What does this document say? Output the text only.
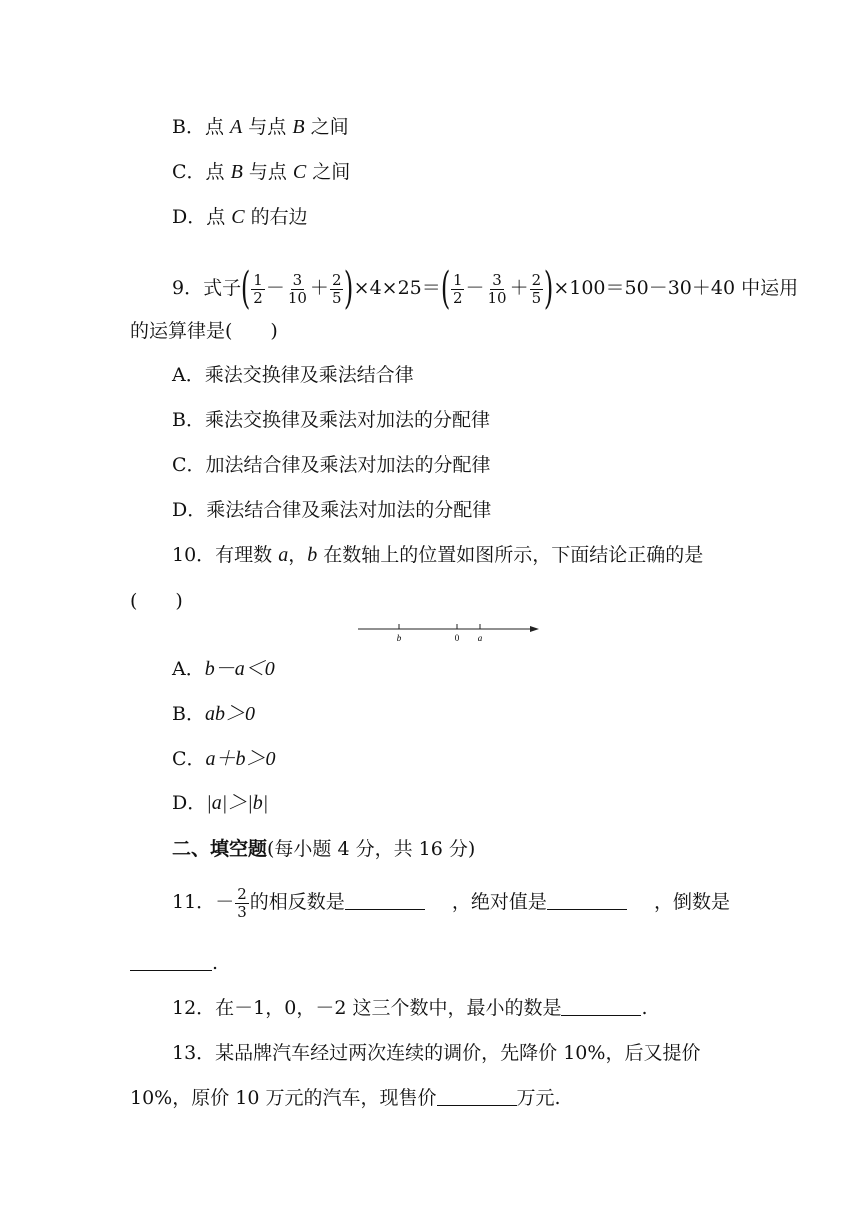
B．点 A 与点 B 之间
C．点 B 与点 C 之间
D．点 C 的右边
9．式子( $\frac{1}{2} - \frac{3}{10} + \frac{2}{5} )\times 4\times 25=( \frac{1}{2} - \frac{3}{10} + \frac{2}{5} )\times 100=50-30+40$ 中运用
的运算律是(　　)
A．乘法交换律及乘法结合律
B．乘法交换律及乘法对加法的分配律
C．加法结合律及乘法对加法的分配律
D．乘法结合律及乘法对加法的分配律
10．有理数 a，b 在数轴上的位置如图所示，下面结论正确的是
(　　)
b	0 a
A．b－a＜0
B．ab＞0
C．a＋b＞0
D．|a|＞|b|
二、填空题(每小题 4 分，共 16 分)
11．－ $\frac{2}{3}$ 的相反数是	，绝对值是	，倒数是
.
12．在－1，0，－2 这三个数中，最小的数是	.
13．某品牌汽车经过两次连续的调价，先降价 10%，后又提价
10%，原价 10 万元的汽车，现售价	万元.
